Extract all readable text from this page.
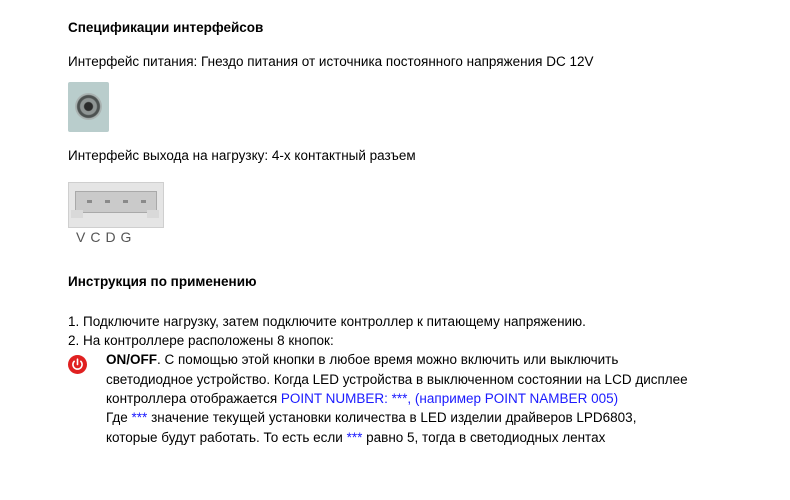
Спецификации интерфейсов
Интерфейс питания: Гнездо питания от источника постоянного напряжения DC 12V
Интерфейс выхода на нагрузку: 4-х контактный разъем
VCDG
Инструкция по применению
1. Подключите нагрузку, затем подключите контроллер к питающему напряжению.
2. На контроллере расположены 8 кнопок:
ON/OFF. С помощью этой кнопки в любое время можно включить или выключить
светодиодное устройство. Когда LED устройства в выключенном состоянии на LCD дисплее
контроллера отображается POINT NUMBER: ***, (например POINT NAMBER 005)
Где *** значение текущей установки количества в LED изделии драйверов LPD6803,
которые будут работать. То есть если *** равно 5, тогда в светодиодных лентах
